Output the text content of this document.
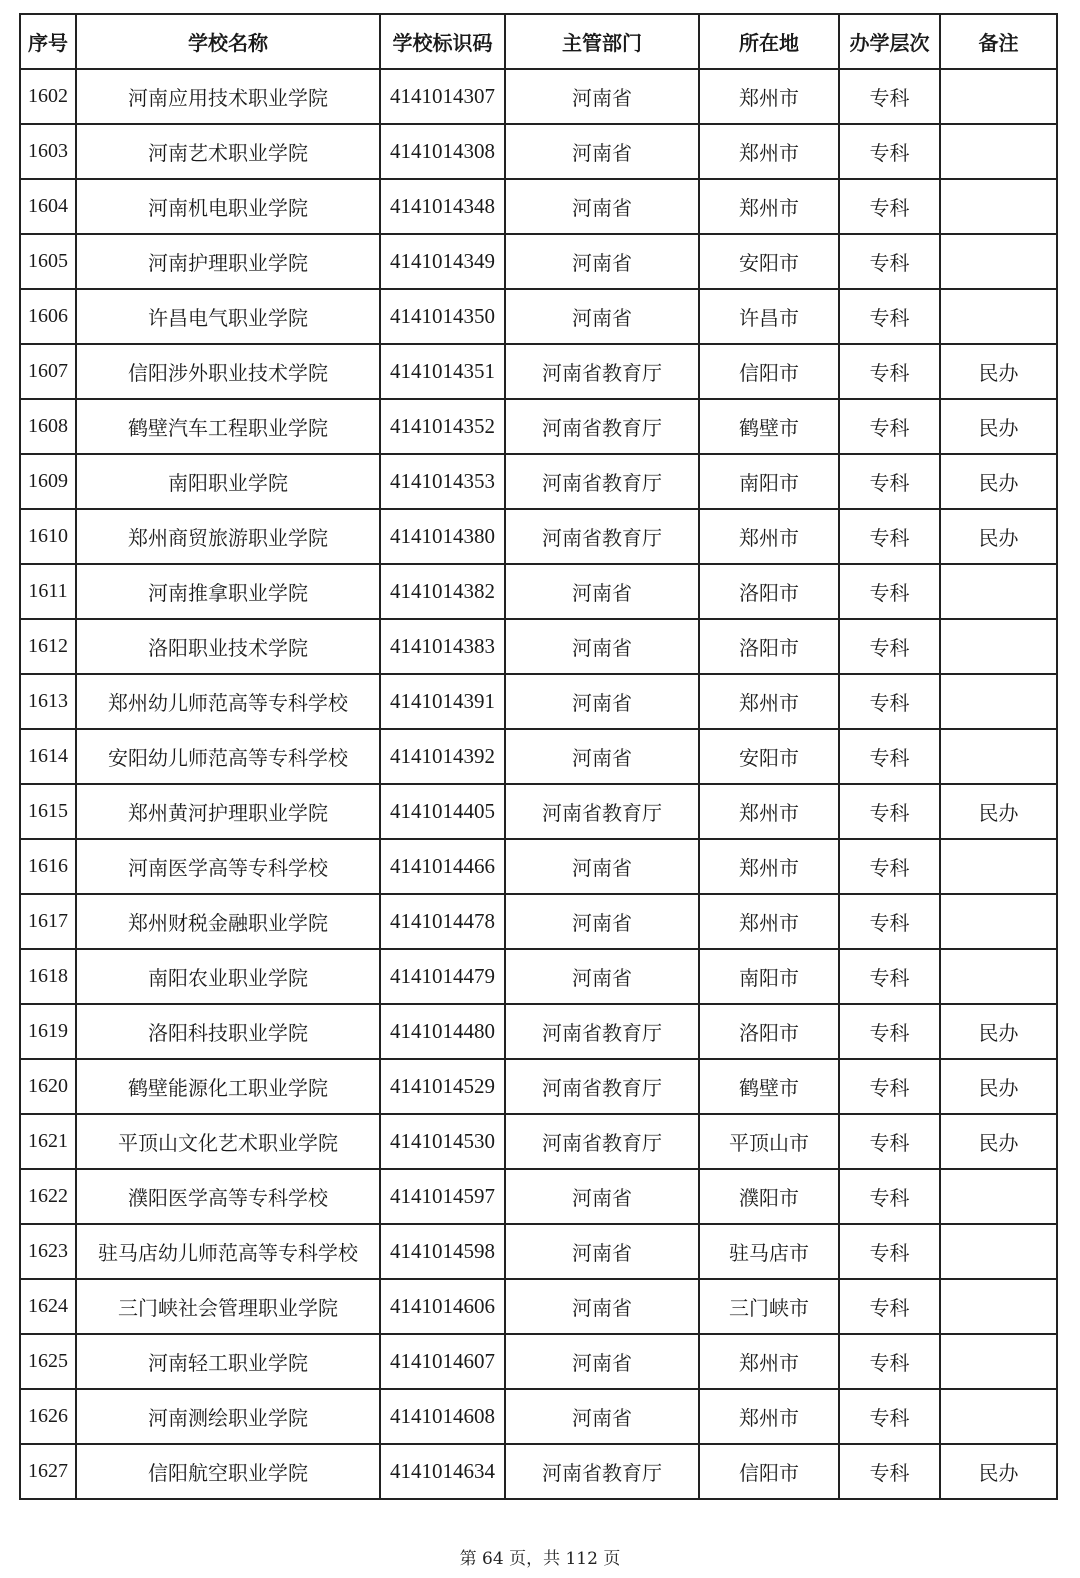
序号	学校名称	学校标识码	主管部门	所在地	办学层次	备注
1602	河南应用技术职业学院	4141014307	河南省	郑州市	专科	
1603	河南艺术职业学院	4141014308	河南省	郑州市	专科	
1604	河南机电职业学院	4141014348	河南省	郑州市	专科	
1605	河南护理职业学院	4141014349	河南省	安阳市	专科	
1606	许昌电气职业学院	4141014350	河南省	许昌市	专科	
1607	信阳涉外职业技术学院	4141014351	河南省教育厅	信阳市	专科	民办
1608	鹤壁汽车工程职业学院	4141014352	河南省教育厅	鹤壁市	专科	民办
1609	南阳职业学院	4141014353	河南省教育厅	南阳市	专科	民办
1610	郑州商贸旅游职业学院	4141014380	河南省教育厅	郑州市	专科	民办
1611	河南推拿职业学院	4141014382	河南省	洛阳市	专科	
1612	洛阳职业技术学院	4141014383	河南省	洛阳市	专科	
1613	郑州幼儿师范高等专科学校	4141014391	河南省	郑州市	专科	
1614	安阳幼儿师范高等专科学校	4141014392	河南省	安阳市	专科	
1615	郑州黄河护理职业学院	4141014405	河南省教育厅	郑州市	专科	民办
1616	河南医学高等专科学校	4141014466	河南省	郑州市	专科	
1617	郑州财税金融职业学院	4141014478	河南省	郑州市	专科	
1618	南阳农业职业学院	4141014479	河南省	南阳市	专科	
1619	洛阳科技职业学院	4141014480	河南省教育厅	洛阳市	专科	民办
1620	鹤壁能源化工职业学院	4141014529	河南省教育厅	鹤壁市	专科	民办
1621	平顶山文化艺术职业学院	4141014530	河南省教育厅	平顶山市	专科	民办
1622	濮阳医学高等专科学校	4141014597	河南省	濮阳市	专科	
1623	驻马店幼儿师范高等专科学校	4141014598	河南省	驻马店市	专科	
1624	三门峡社会管理职业学院	4141014606	河南省	三门峡市	专科	
1625	河南轻工职业学院	4141014607	河南省	郑州市	专科	
1626	河南测绘职业学院	4141014608	河南省	郑州市	专科	
1627	信阳航空职业学院	4141014634	河南省教育厅	信阳市	专科	民办
第 64 页，共 112 页
